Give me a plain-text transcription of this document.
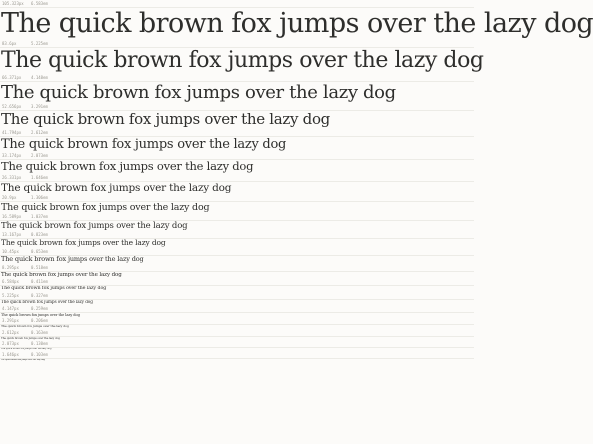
105.323px 6.583em
The quick brown fox jumps over the lazy dog
83.6px	5.225em
The quick brown fox jumps over the lazy dog
66.371px 4.148em
The quick brown fox jumps over the lazy dog
52.656px 3.291em
The quick brown fox jumps over the lazy dog
41.794px 2.612em
The quick brown fox jumps over the lazy dog
33.174px 2.073em
The quick brown fox jumps over the lazy dog
26.331px 1.646em
The quick brown fox jumps over the lazy dog
20.9px	1.306em
The quick brown fox jumps over the lazy dog
16.589px 1.037em
The quick brown fox jumps over the lazy dog
13.167px 0.823em
The quick brown fox jumps over the lazy dog
10.45px	0.653em
The quick brown fox jumps over the lazy dog
8.295px	0.518em
The quick brown fox jumps over the lazy dog
6.584px	0.411em
The quick brown fox jumps over the lazy dog
5.225px	0.327em
The quick brown fox jumps over the lazy dog
4.147px	0.259em
The quick brown fox jumps over the lazy dog
3.291px	0.206em
The quick brown fox jumps over the lazy dog
2.612px	0.163em
The quick brown fox jumps over the lazy dog
2.073px	0.130em
The quick brown fox jumps over the lazy dog
1.646px	0.103em
The quick brown fox jumps over the lazy dog
